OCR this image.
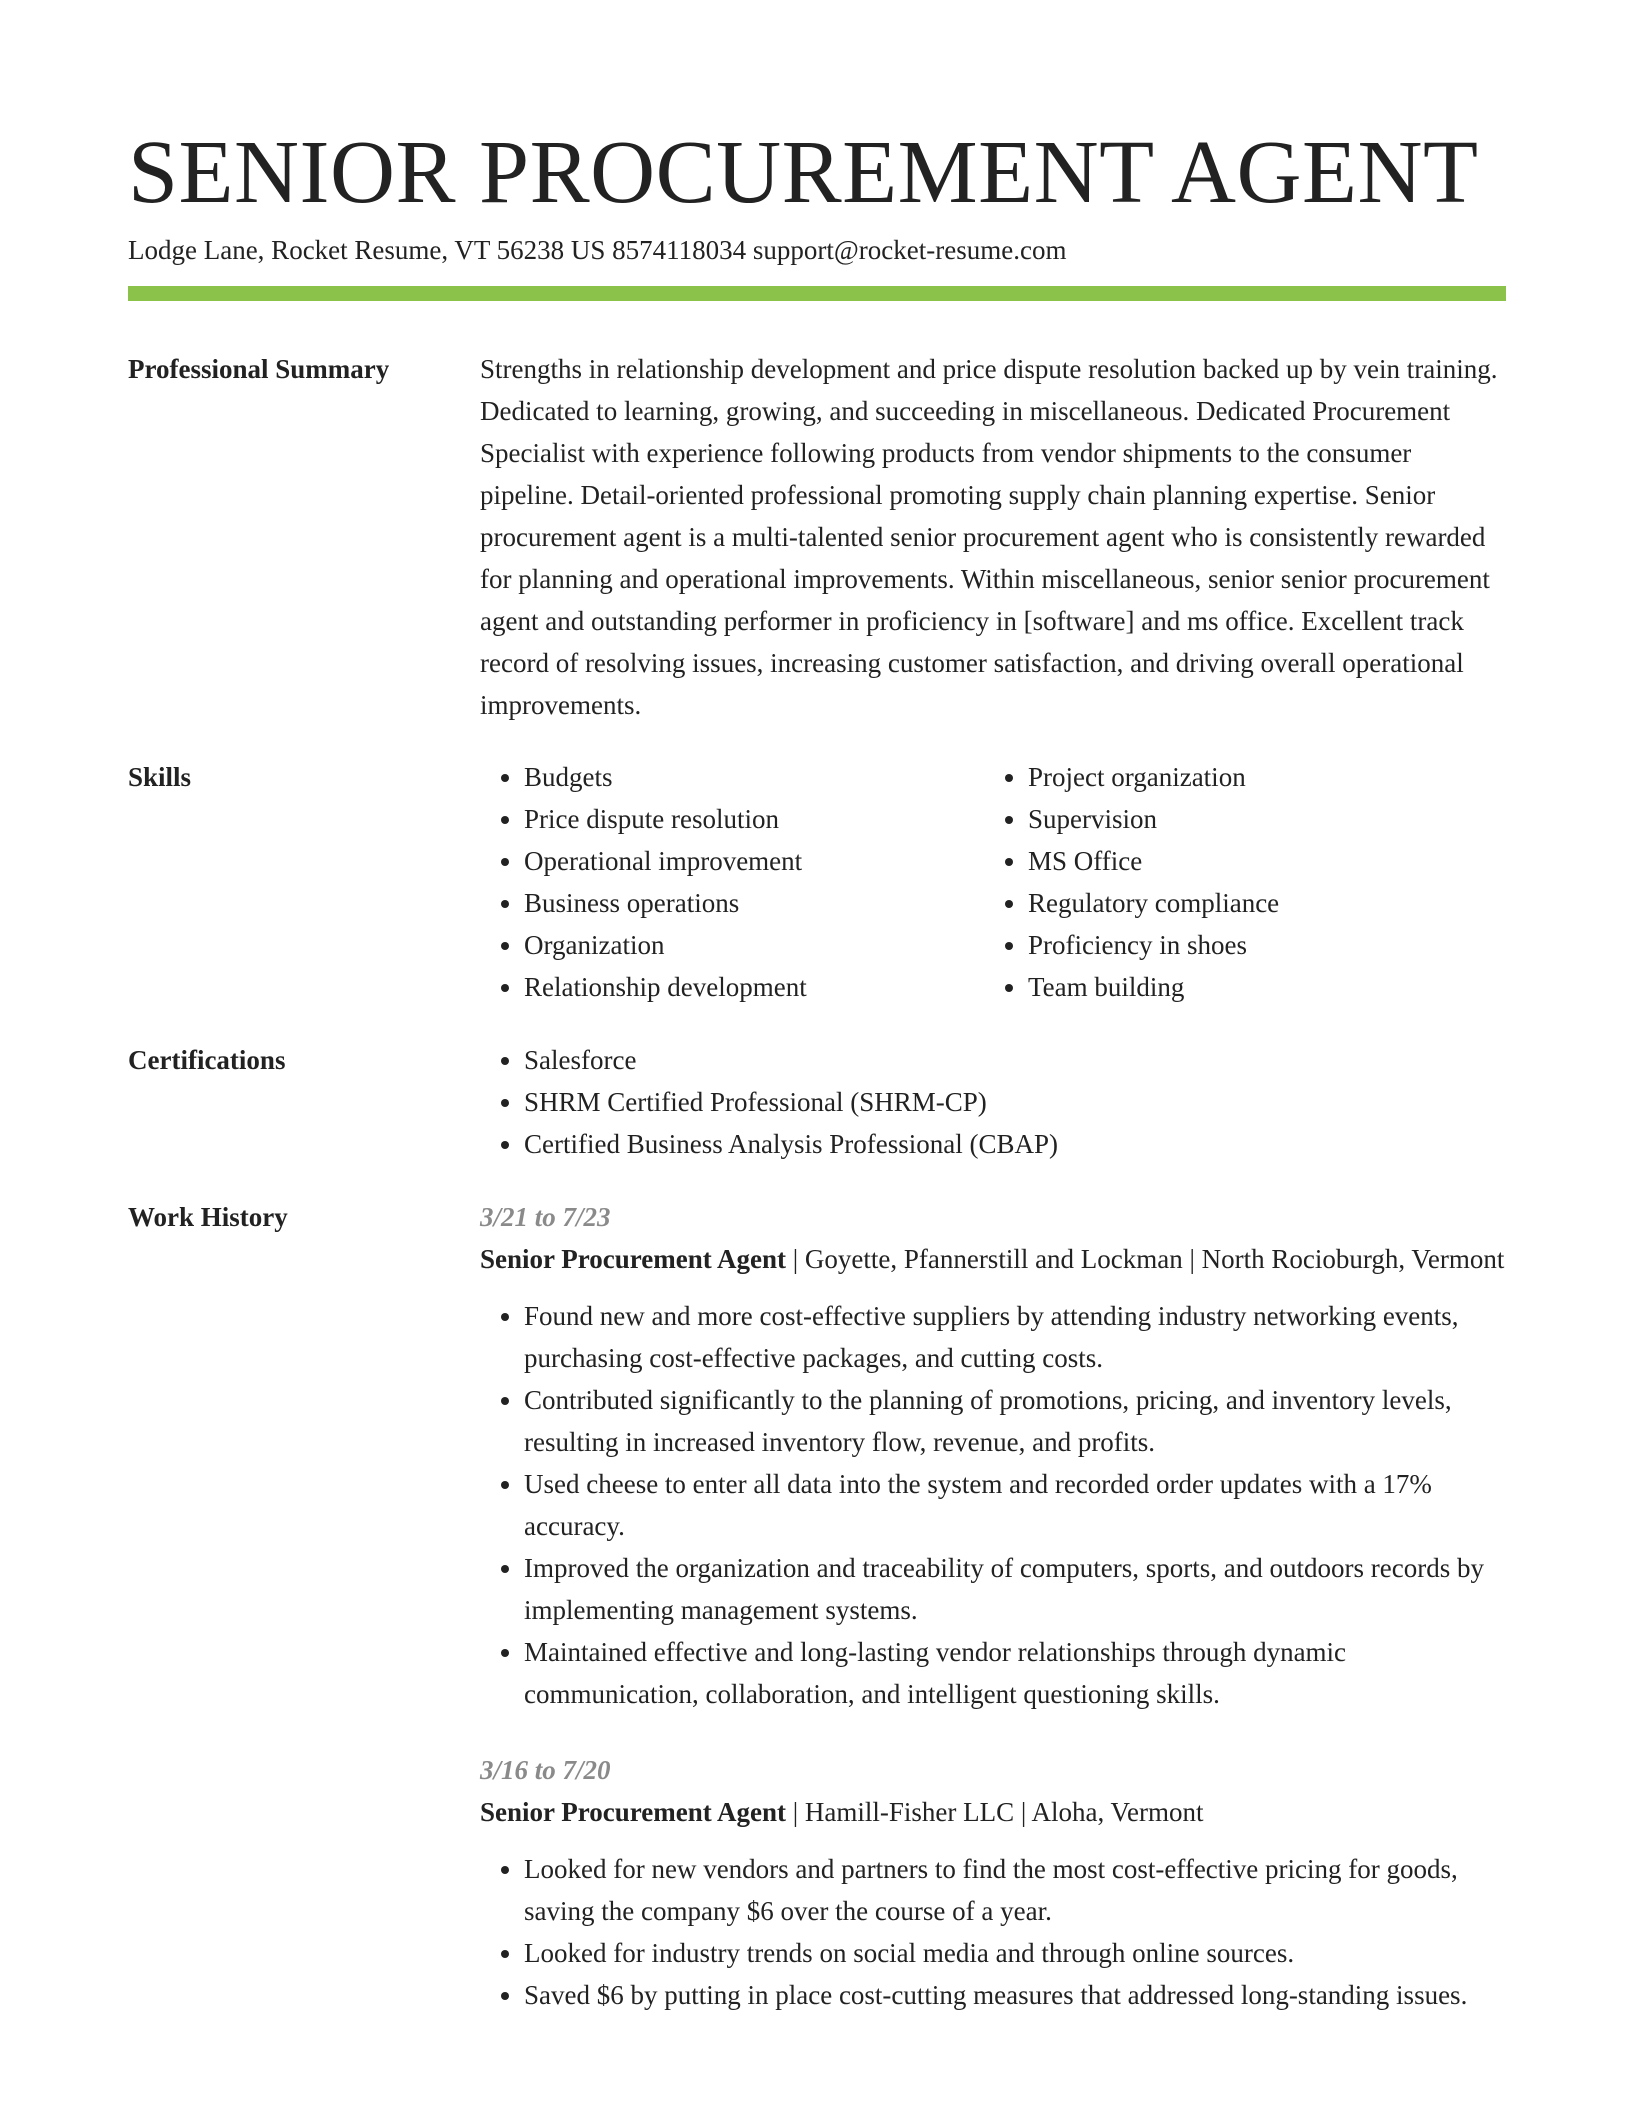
SENIOR PROCUREMENT AGENT

Lodge Lane, Rocket Resume, VT 56238 US 8574118034 support@rocket-resume.com

Professional Summary	Strengths in relationship development and price dispute resolution backed up by vein training. Dedicated to learning, growing, and succeeding in miscellaneous. Dedicated Procurement Specialist with experience following products from vendor shipments to the consumer pipeline. Detail-oriented professional promoting supply chain planning expertise. Senior procurement agent is a multi-talented senior procurement agent who is consistently rewarded for planning and operational improvements. Within miscellaneous, senior senior procurement agent and outstanding performer in proficiency in [software] and ms office. Excellent track record of resolving issues, increasing customer satisfaction, and driving overall operational improvements.

Skills	• Budgets
• Price dispute resolution
• Operational improvement
• Business operations
• Organization
• Relationship development
• Project organization
• Supervision
• MS Office
• Regulatory compliance
• Proficiency in shoes
• Team building
Certifications	• Salesforce
• SHRM Certified Professional (SHRM-CP)
• Certified Business Analysis Professional (CBAP)
Work History	3/21 to 7/23

Senior Procurement Agent | Goyette, Pfannerstill and Lockman | North Rocioburgh, Vermont

• Found new and more cost-effective suppliers by attending industry networking events, purchasing cost-effective packages, and cutting costs.
• Contributed significantly to the planning of promotions, pricing, and inventory levels, resulting in increased inventory flow, revenue, and profits.
• Used cheese to enter all data into the system and recorded order updates with a 17% accuracy.
• Improved the organization and traceability of computers, sports, and outdoors records by implementing management systems.
• Maintained effective and long-lasting vendor relationships through dynamic communication, collaboration, and intelligent questioning skills.

3/16 to 7/20

Senior Procurement Agent | Hamill-Fisher LLC | Aloha, Vermont

• Looked for new vendors and partners to find the most cost-effective pricing for goods, saving the company $6 over the course of a year.
• Looked for industry trends on social media and through online sources.
• Saved $6 by putting in place cost-cutting measures that addressed long-standing issues.
